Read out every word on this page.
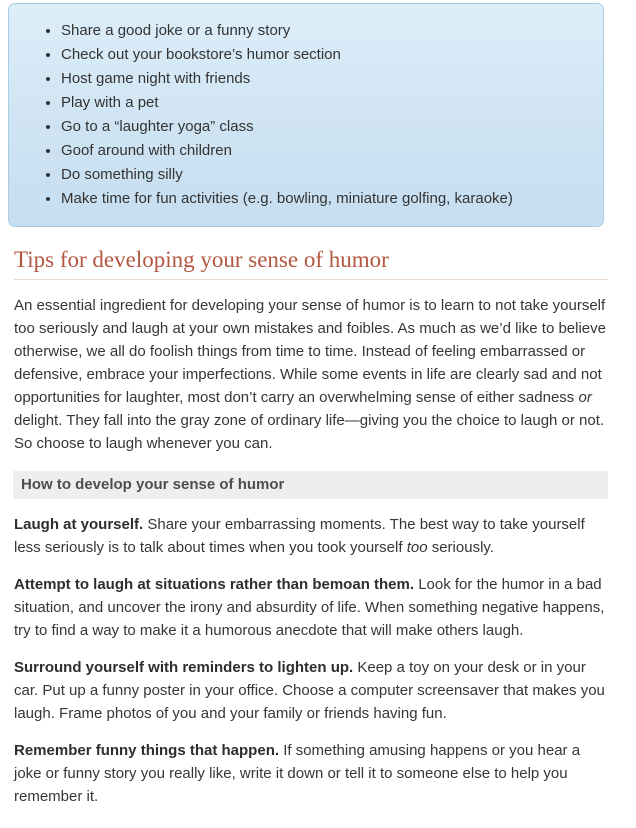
• Share a good joke or a funny story
• Check out your bookstore’s humor section
• Host game night with friends
• Play with a pet
• Go to a “laughter yoga” class
• Goof around with children
• Do something silly
• Make time for fun activities (e.g. bowling, miniature golfing, karaoke)
Tips for developing your sense of humor

An essential ingredient for developing your sense of humor is to learn to not take yourself too seriously and laugh at your own mistakes and foibles. As much as we’d like to believe otherwise, we all do foolish things from time to time. Instead of feeling embarrassed or defensive, embrace your imperfections. While some events in life are clearly sad and not opportunities for laughter, most don’t carry an overwhelming sense of either sadness or delight. They fall into the gray zone of ordinary life—giving you the choice to laugh or not. So choose to laugh whenever you can.

How to develop your sense of humor

Laugh at yourself. Share your embarrassing moments. The best way to take yourself less seriously is to talk about times when you took yourself too seriously.

Attempt to laugh at situations rather than bemoan them. Look for the humor in a bad situation, and uncover the irony and absurdity of life. When something negative happens, try to find a way to make it a humorous anecdote that will make others laugh.

Surround yourself with reminders to lighten up. Keep a toy on your desk or in your car. Put up a funny poster in your office. Choose a computer screensaver that makes you laugh. Frame photos of you and your family or friends having fun.

Remember funny things that happen. If something amusing happens or you hear a joke or funny story you really like, write it down or tell it to someone else to help you remember it.
